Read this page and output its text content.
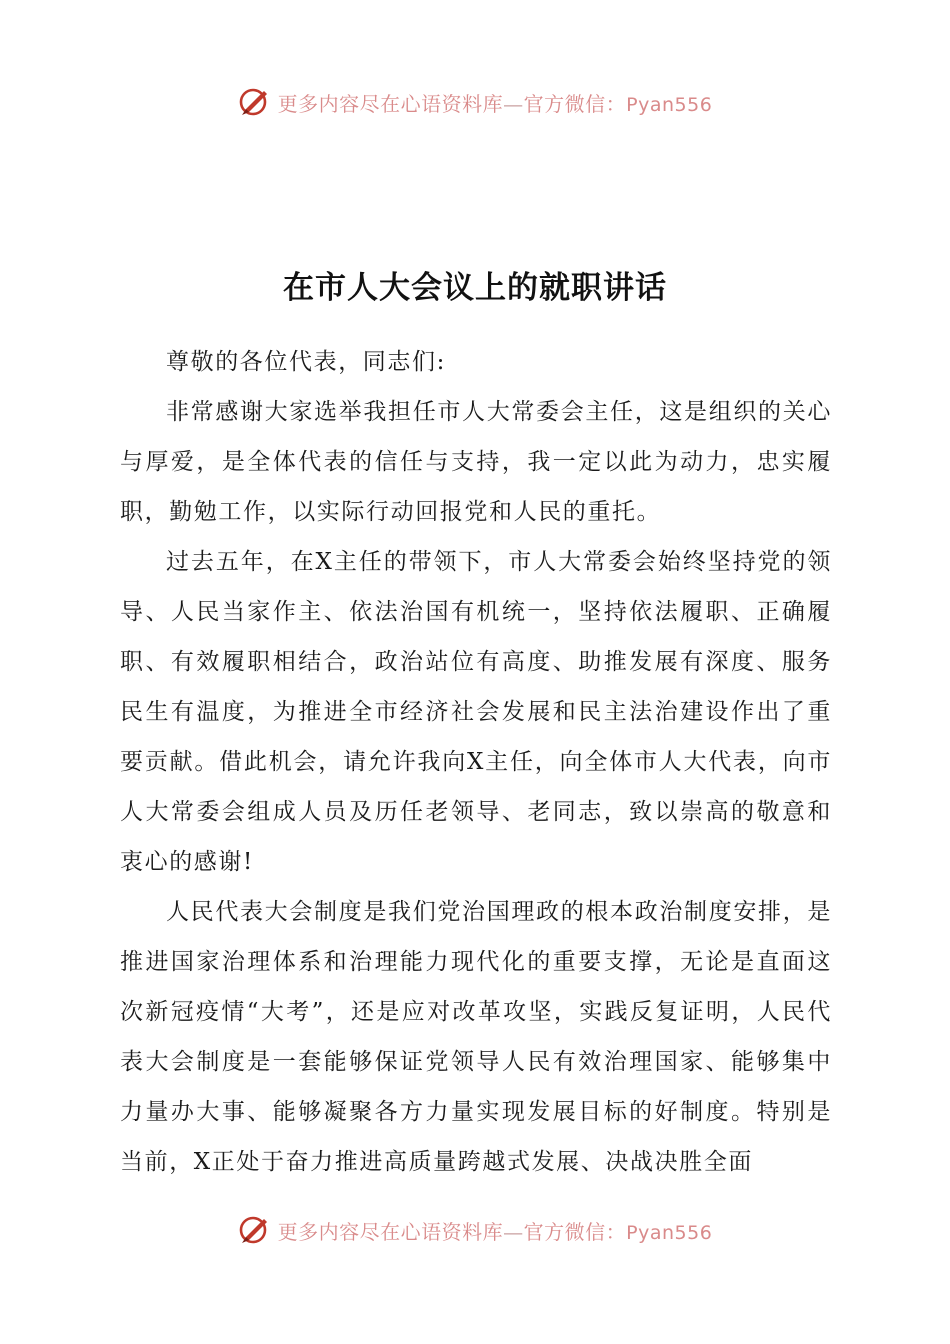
更多内容尽在心语资料库—官方微信：Pyan556
在市人大会议上的就职讲话

尊敬的各位代表，同志们:

非常感谢大家选举我担任市人大常委会主任，这是组织的关心与厚爱，是全体代表的信任与支持，我一定以此为动力，忠实履职，勤勉工作，以实际行动回报党和人民的重托。

过去五年，在X主任的带领下，市人大常委会始终坚持党的领导、人民当家作主、依法治国有机统一，坚持依法履职、正确履职、有效履职相结合，政治站位有高度、助推发展有深度、服务民生有温度，为推进全市经济社会发展和民主法治建设作出了重要贡献。借此机会，请允许我向X主任，向全体市人大代表，向市人大常委会组成人员及历任老领导、老同志，致以崇高的敬意和衷心的感谢!

人民代表大会制度是我们党治国理政的根本政治制度安排，是推进国家治理体系和治理能力现代化的重要支撑，无论是直面这次新冠疫情“大考”，还是应对改革攻坚，实践反复证明，人民代表大会制度是一套能够保证党领导人民有效治理国家、能够集中力量办大事、能够凝聚各方力量实现发展目标的好制度。特别是当前，X正处于奋力推进高质量跨越式发展、决战决胜全面

更多内容尽在心语资料库—官方微信：Pyan556
